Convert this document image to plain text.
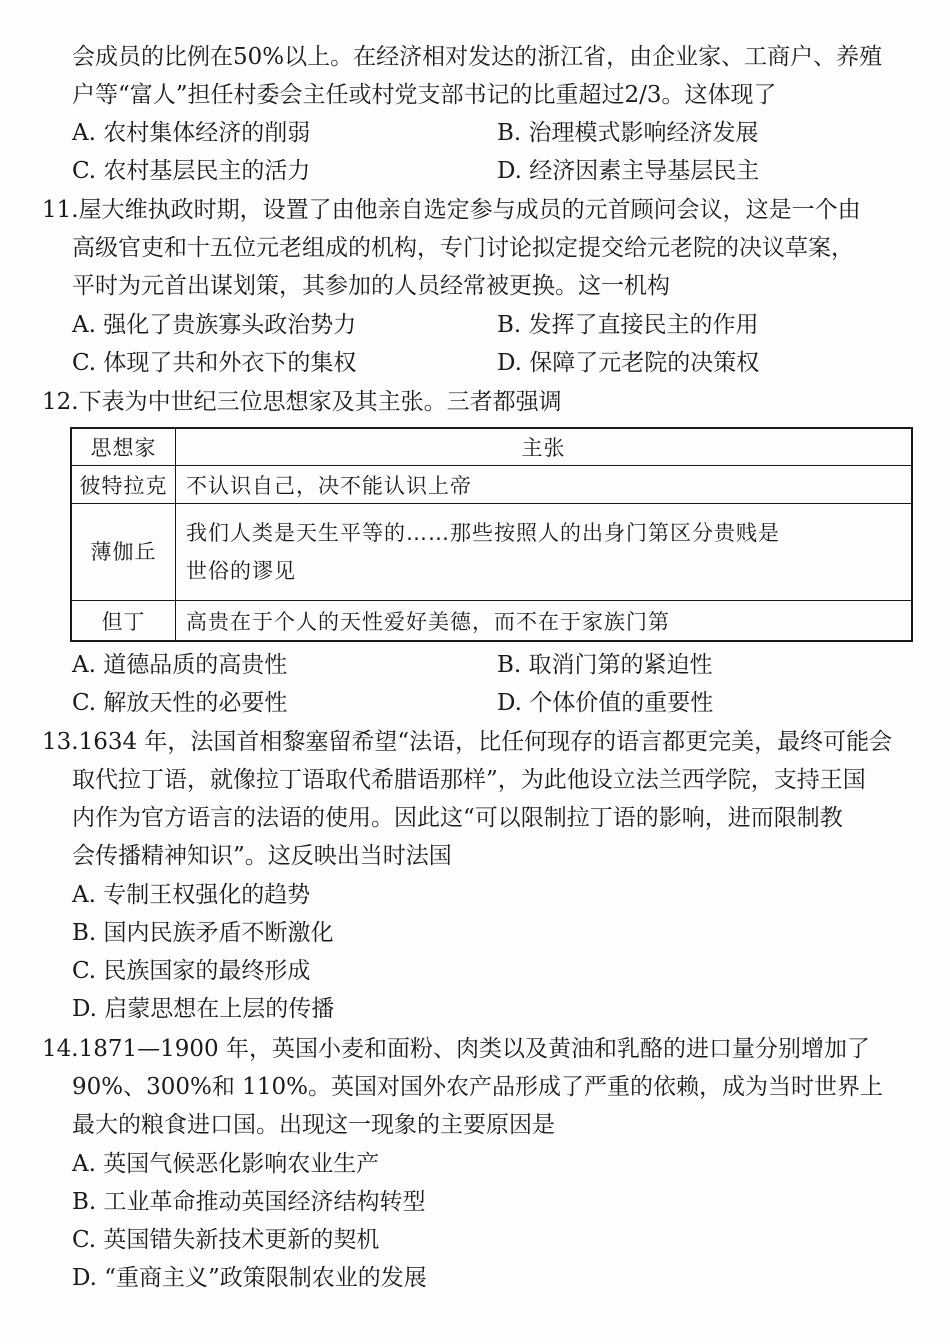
会成员的比例在50%以上。在经济相对发达的浙江省，由企业家、工商户、养殖
户等“富人”担任村委会主任或村党支部书记的比重超过2/3。这体现了
A. 农村集体经济的削弱	B. 治理模式影响经济发展
C. 农村基层民主的活力	D. 经济因素主导基层民主
11.屋大维执政时期，设置了由他亲自选定参与成员的元首顾问会议，这是一个由
高级官吏和十五位元老组成的机构，专门讨论拟定提交给元老院的决议草案，
平时为元首出谋划策，其参加的人员经常被更换。这一机构
A. 强化了贵族寡头政治势力	B. 发挥了直接民主的作用
C. 体现了共和外衣下的集权	D. 保障了元老院的决策权
12.下表为中世纪三位思想家及其主张。三者都强调
思想家	主张
彼特拉克	不认识自己，决不能认识上帝
薄伽丘	我们人类是天生平等的……那些按照人的出身门第区分贵贱是
世俗的谬见

但丁	高贵在于个人的天性爱好美德，而不在于家族门第
A. 道德品质的高贵性	B. 取消门第的紧迫性
C. 解放天性的必要性	D. 个体价值的重要性
13.1634 年，法国首相黎塞留希望“法语，比任何现存的语言都更完美，最终可能会
取代拉丁语，就像拉丁语取代希腊语那样”，为此他设立法兰西学院，支持王国
内作为官方语言的法语的使用。因此这“可以限制拉丁语的影响，进而限制教
会传播精神知识”。这反映出当时法国
A. 专制王权强化的趋势
B. 国内民族矛盾不断激化
C. 民族国家的最终形成
D. 启蒙思想在上层的传播
14.1871—1900 年，英国小麦和面粉、肉类以及黄油和乳酪的进口量分别增加了
90%、300%和 110%。英国对国外农产品形成了严重的依赖，成为当时世界上
最大的粮食进口国。出现这一现象的主要原因是
A. 英国气候恶化影响农业生产
B. 工业革命推动英国经济结构转型
C. 英国错失新技术更新的契机
D. “重商主义”政策限制农业的发展
